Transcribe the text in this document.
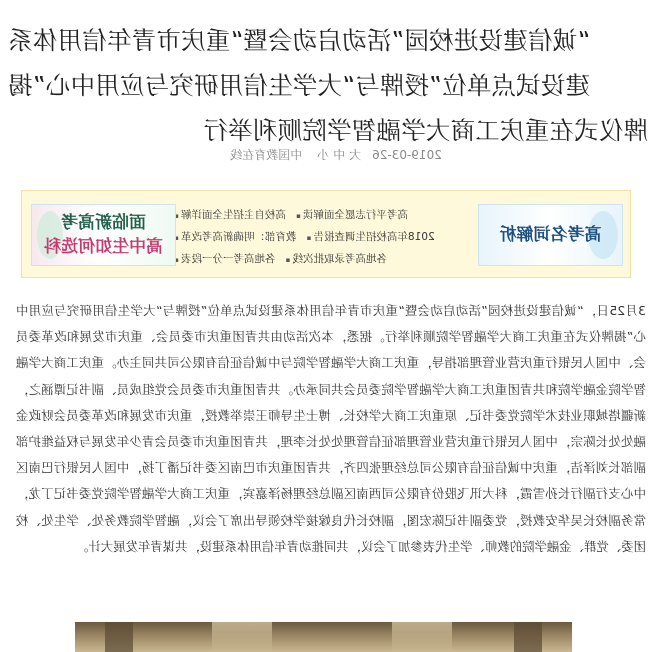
“诚信建设进校园”活动启动会暨“重庆市青年信用体系
建设试点单位”授牌与“大学生信用研究与应用中心”揭
牌仪式在重庆工商大学融智学院顺利举行
2019-03-26大中小 中国教育在线
高考名词解析
高考平行志愿全面解读 ▪
高校自主招生全面详解 ▪
2018年高校招生调查报告 ▪
教育部：明确新高考改革 ▪
各地高考录取批次线 ▪
各地高考一分一段表 ▪
面临新高考
高中生如何选科

3月25日，“诚信建设进校园”活动启动会暨“重庆市青年信用体系建设试点单位”授牌与“大学生信用研究与应用中心”揭牌仪式在重庆工商大学融智学院顺利举行。据悉，本次活动由共青团重庆市委员会、重庆市发展和改革委员会、中国人民银行重庆营业管理部指导，重庆工商大学融智学院与中诚信征信有限公司共同主办。重庆工商大学融智学院金融学院和共青团重庆工商大学融智学院委员会共同承办。共青团重庆市委员会党组成员、副书记谭涵之，新疆塔城职业技术学院党委书记、原重庆工商大学校长、博士生导师王崇举教授，重庆市发展和改革委员会财政金融处处长陈宗，中国人民银行重庆营业管理部征信管理处处长李理，共青团重庆市委员会青少年发展与权益维护部副部长刘泽洁，重庆中诚信征信有限公司总经理张四齐，共青团重庆市巴南区委书记潘丁扬，中国人民银行巴南区中心支行副行长孙雪霞，科大讯飞股份有限公司西南区副总经理杨泽嘉宾，重庆工商大学融智学院党委书记丁龙，常务副校长吴华安教授，党委副书记陈宏图，副校长代良嫁接学校领导出席了会议，融智学院教务处、学生处、校团委、党群、金融学院的教师、学生代表参加了会议，共同推动青年信用体系建设，共谋青年发展大计。
